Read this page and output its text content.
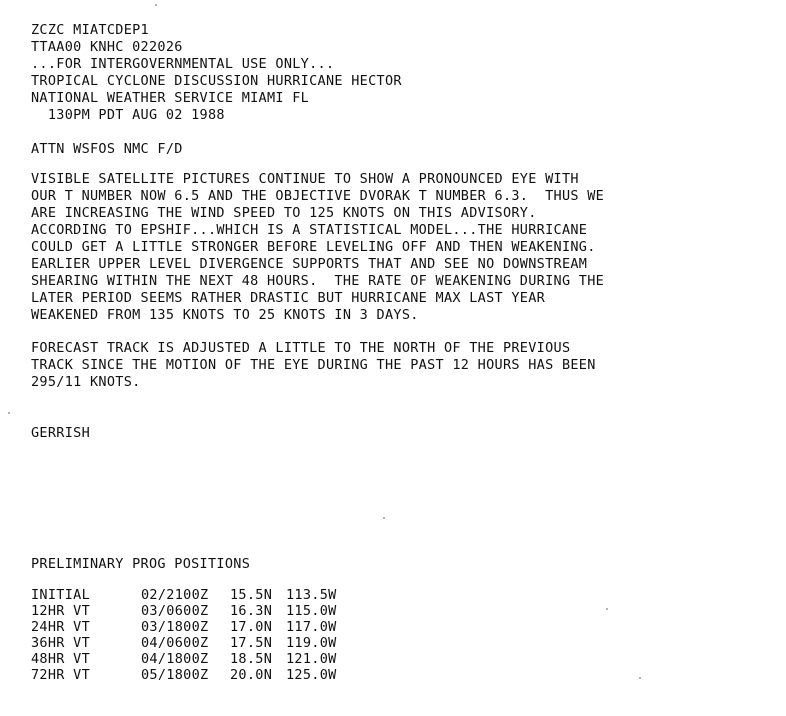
ZCZC MIATCDEP1
TTAA00 KNHC 022026
...FOR INTERGOVERNMENTAL USE ONLY...
TROPICAL CYCLONE DISCUSSION HURRICANE HECTOR
NATIONAL WEATHER SERVICE MIAMI FL
130PM PDT AUG 02 1988
ATTN WSFOS NMC F/D
VISIBLE SATELLITE PICTURES CONTINUE TO SHOW A PRONOUNCED EYE WITH
OUR T NUMBER NOW 6.5 AND THE OBJECTIVE DVORAK T NUMBER 6.3.  THUS WE
ARE INCREASING THE WIND SPEED TO 125 KNOTS ON THIS ADVISORY.
ACCORDING TO EPSHIF...WHICH IS A STATISTICAL MODEL...THE HURRICANE
COULD GET A LITTLE STRONGER BEFORE LEVELING OFF AND THEN WEAKENING.
EARLIER UPPER LEVEL DIVERGENCE SUPPORTS THAT AND SEE NO DOWNSTREAM
SHEARING WITHIN THE NEXT 48 HOURS.  THE RATE OF WEAKENING DURING THE
LATER PERIOD SEEMS RATHER DRASTIC BUT HURRICANE MAX LAST YEAR
WEAKENED FROM 135 KNOTS TO 25 KNOTS IN 3 DAYS.
FORECAST TRACK IS ADJUSTED A LITTLE TO THE NORTH OF THE PREVIOUS
TRACK SINCE THE MOTION OF THE EYE DURING THE PAST 12 HOURS HAS BEEN
295/11 KNOTS.
GERRISH
PRELIMINARY PROG POSITIONS
INITIAL	02/2100Z	15.5N	113.5W
12HR VT	03/0600Z	16.3N	115.0W
24HR VT	03/1800Z	17.0N	117.0W
36HR VT	04/0600Z	17.5N	119.0W
48HR VT	04/1800Z	18.5N	121.0W
72HR VT	05/1800Z	20.0N	125.0W
